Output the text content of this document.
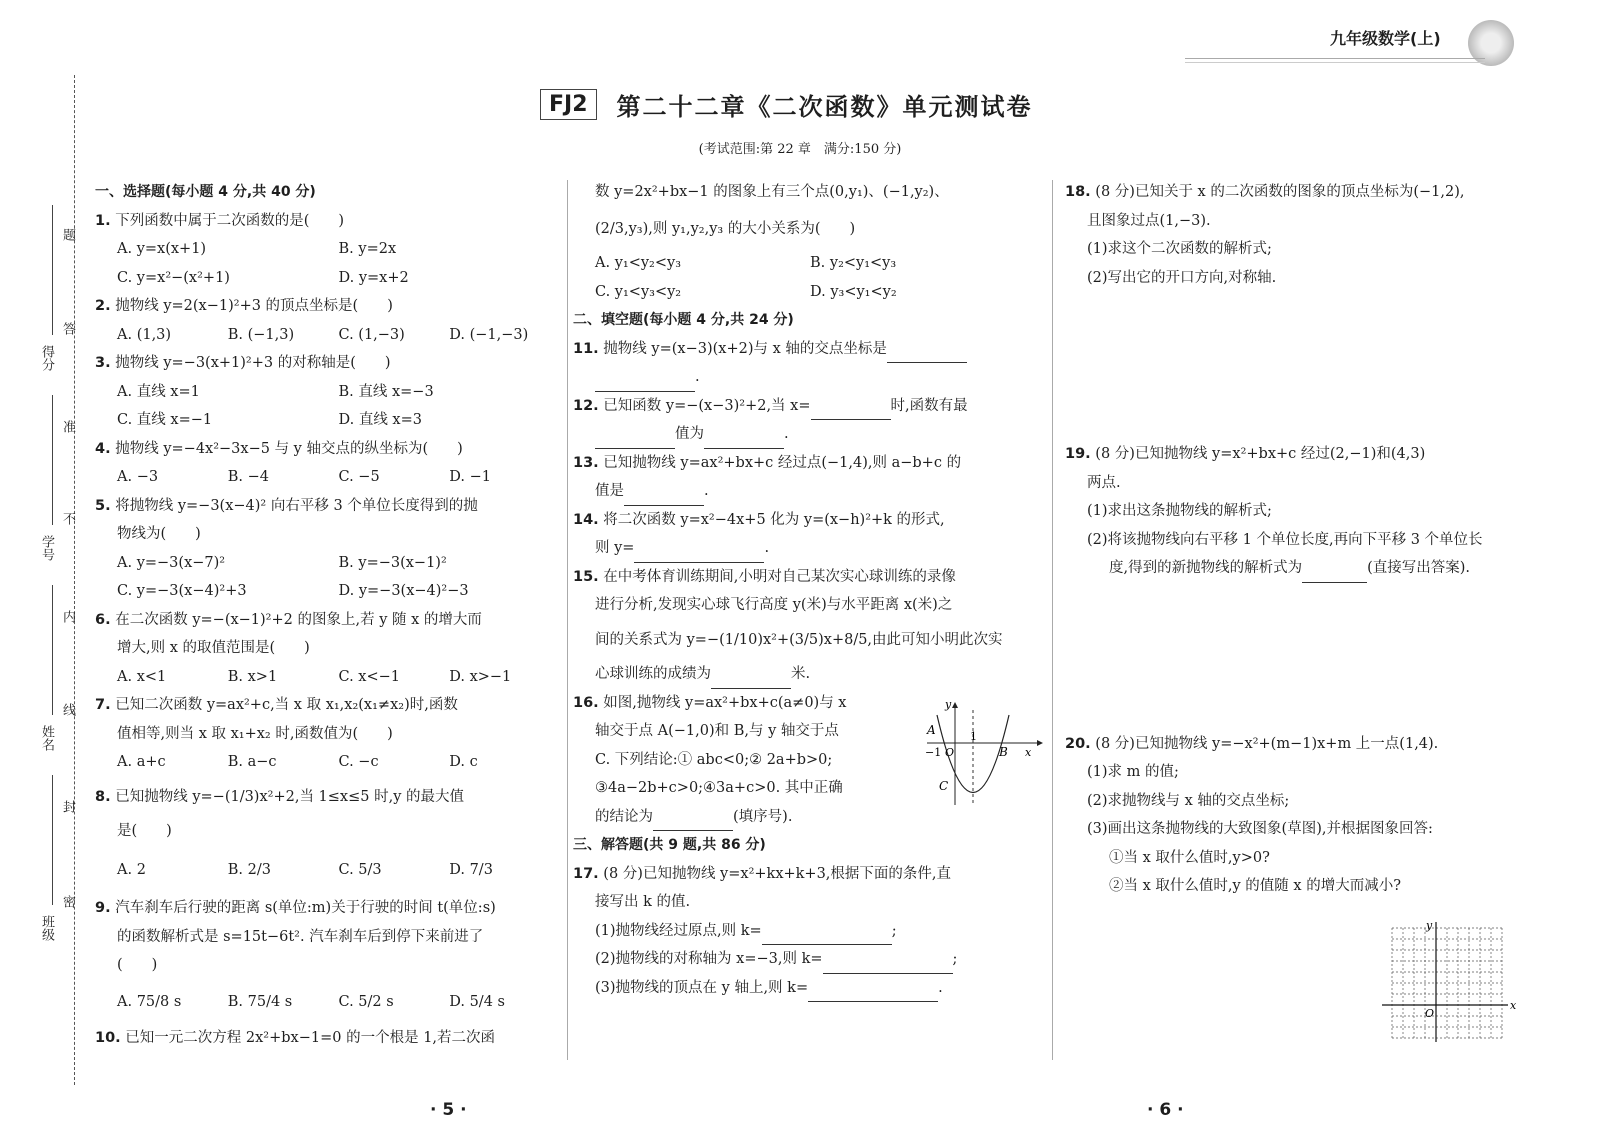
九年级数学(上)
FJ2	第二十二章《二次函数》单元测试卷
(考试范围:第 22 章　满分:150 分)
题
答
准
不
内
线
封
密
得分
学号
姓名
班级
一、选择题(每小题 4 分,共 40 分)
1. 下列函数中属于二次函数的是(　　)
A. y=x(x+1)	B. y=2x
C. y=x²−(x²+1)	D. y=x+2
2. 抛物线 y=2(x−1)²+3 的顶点坐标是(　　)
A. (1,3)	B. (−1,3)	C. (1,−3)	D. (−1,−3)
3. 抛物线 y=−3(x+1)²+3 的对称轴是(　　)
A. 直线 x=1	B. 直线 x=−3
C. 直线 x=−1	D. 直线 x=3
4. 抛物线 y=−4x²−3x−5 与 y 轴交点的纵坐标为(　　)
A. −3	B. −4	C. −5	D. −1
5. 将抛物线 y=−3(x−4)² 向右平移 3 个单位长度得到的抛
物线为(　　)
A. y=−3(x−7)²	B. y=−3(x−1)²
C. y=−3(x−4)²+3	D. y=−3(x−4)²−3
6. 在二次函数 y=−(x−1)²+2 的图象上,若 y 随 x 的增大而
增大,则 x 的取值范围是(　　)
A. x<1	B. x>1	C. x<−1	D. x>−1
7. 已知二次函数 y=ax²+c,当 x 取 x₁,x₂(x₁≠x₂)时,函数
值相等,则当 x 取 x₁+x₂ 时,函数值为(　　)
A. a+c	B. a−c	C. −c	D. c
8. 已知抛物线 y=−(1/3)x²+2,当 1≤x≤5 时,y 的最大值
是(　　)
A. 2	B. 2/3	C. 5/3	D. 7/3
9. 汽车刹车后行驶的距离 s(单位:m)关于行驶的时间 t(单位:s)
的函数解析式是 s=15t−6t². 汽车刹车后到停下来前进了
(　　)
A. 75/8 s	B. 75/4 s	C. 5/2 s	D. 5/4 s
10. 已知一元二次方程 2x²+bx−1=0 的一个根是 1,若二次函
数 y=2x²+bx−1 的图象上有三个点(0,y₁)、(−1,y₂)、
(2/3,y₃),则 y₁,y₂,y₃ 的大小关系为(　　)
A. y₁<y₂<y₃	B. y₂<y₁<y₃
C. y₁<y₃<y₂	D. y₃<y₁<y₂
二、填空题(每小题 4 分,共 24 分)
11. 抛物线 y=(x−3)(x+2)与 x 轴的交点坐标是
.
12. 已知函数 y=−(x−3)²+2,当 x=	时,函数有最
值为	.
13. 已知抛物线 y=ax²+bx+c 经过点(−1,4),则 a−b+c 的
值是	.
14. 将二次函数 y=x²−4x+5 化为 y=(x−h)²+k 的形式,
则 y=	.
15. 在中考体育训练期间,小明对自己某次实心球训练的录像
进行分析,发现实心球飞行高度 y(米)与水平距离 x(米)之
间的关系式为 y=−(1/10)x²+(3/5)x+8/5,由此可知小明此次实
心球训练的成绩为	米.
16. 如图,抛物线 y=ax²+bx+c(a≠0)与 x
轴交于点 A(−1,0)和 B,与 y 轴交于点
C. 下列结论:① abc<0;② 2a+b>0;
③4a−2b+c>0;④3a+c>0. 其中正确
的结论为	(填序号).
三、解答题(共 9 题,共 86 分)
17. (8 分)已知抛物线 y=x²+kx+k+3,根据下面的条件,直
接写出 k 的值.
(1)抛物线经过原点,则 k=	;
(2)抛物线的对称轴为 x=−3,则 k=	;
(3)抛物线的顶点在 y 轴上,则 k=	.
A
−1 O
1
B
C
x
y
18. (8 分)已知关于 x 的二次函数的图象的顶点坐标为(−1,2),
且图象过点(1,−3).
(1)求这个二次函数的解析式;
(2)写出它的开口方向,对称轴.
19. (8 分)已知抛物线 y=x²+bx+c 经过(2,−1)和(4,3)
两点.
(1)求出这条抛物线的解析式;
(2)将该抛物线向右平移 1 个单位长度,再向下平移 3 个单位长
度,得到的新抛物线的解析式为	(直接写出答案).
20. (8 分)已知抛物线 y=−x²+(m−1)x+m 上一点(1,4).
(1)求 m 的值;
(2)求抛物线与 x 轴的交点坐标;
(3)画出这条抛物线的大致图象(草图),并根据图象回答:
①当 x 取什么值时,y>0?
②当 x 取什么值时,y 的值随 x 的增大而减小?
x
y
O
· 5 ·	· 6 ·
